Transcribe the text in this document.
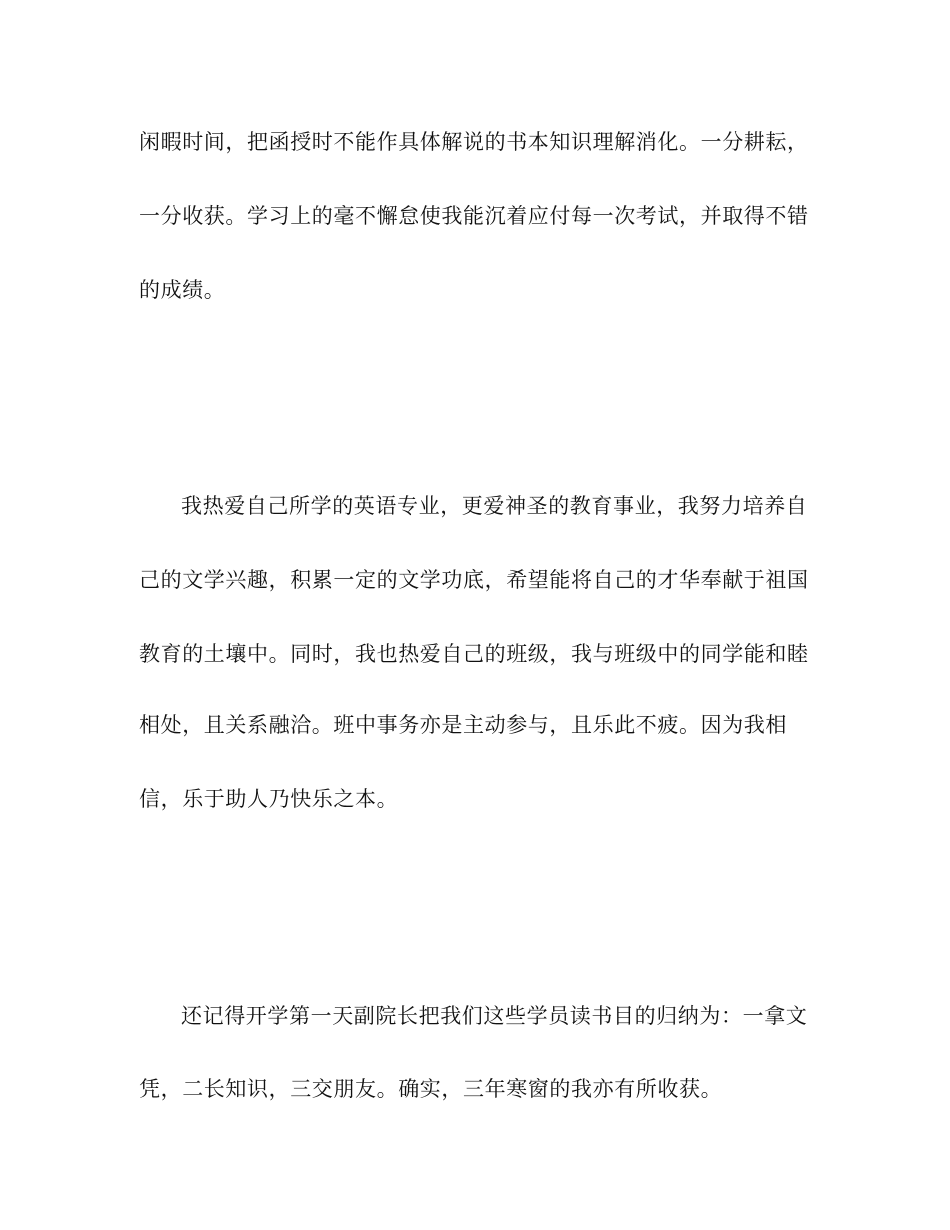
闲暇时间，把函授时不能作具体解说的书本知识理解消化。一分耕耘，
一分收获。学习上的毫不懈怠使我能沉着应付每一次考试，并取得不错
的成绩。
我热爱自己所学的英语专业，更爱神圣的教育事业，我努力培养自
己的文学兴趣，积累一定的文学功底，希望能将自己的才华奉献于祖国
教育的土壤中。同时，我也热爱自己的班级，我与班级中的同学能和睦
相处，且关系融洽。班中事务亦是主动参与，且乐此不疲。因为我相
信，乐于助人乃快乐之本。
还记得开学第一天副院长把我们这些学员读书目的归纳为：一拿文
凭，二长知识，三交朋友。确实，三年寒窗的我亦有所收获。
